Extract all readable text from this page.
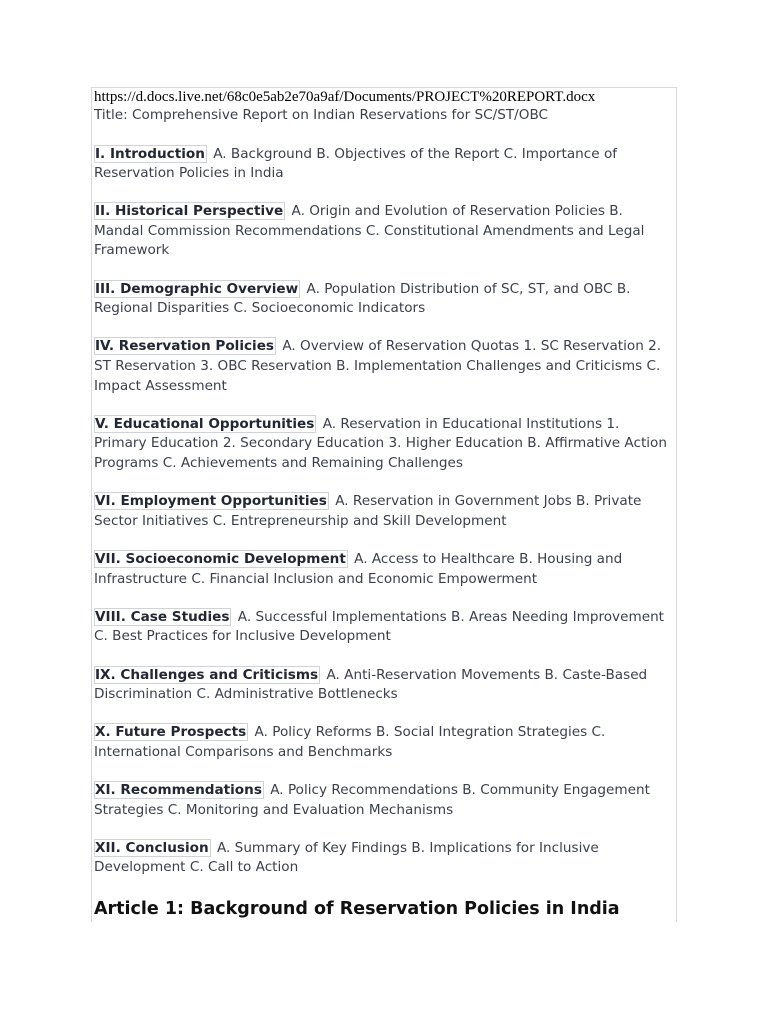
https://d.docs.live.net/68c0e5ab2e70a9af/Documents/PROJECT%20REPORT.docx
Title: Comprehensive Report on Indian Reservations for SC/ST/OBC
I. Introduction A. Background B. Objectives of the Report C. Importance of Reservation Policies in India
II. Historical Perspective A. Origin and Evolution of Reservation Policies B. Mandal Commission Recommendations C. Constitutional Amendments and Legal Framework
III. Demographic Overview A. Population Distribution of SC, ST, and OBC B. Regional Disparities C. Socioeconomic Indicators
IV. Reservation Policies A. Overview of Reservation Quotas 1. SC Reservation 2. ST Reservation 3. OBC Reservation B. Implementation Challenges and Criticisms C. Impact Assessment
V. Educational Opportunities A. Reservation in Educational Institutions 1. Primary Education 2. Secondary Education 3. Higher Education B. Affirmative Action Programs C. Achievements and Remaining Challenges
VI. Employment Opportunities A. Reservation in Government Jobs B. Private Sector Initiatives C. Entrepreneurship and Skill Development
VII. Socioeconomic Development A. Access to Healthcare B. Housing and Infrastructure C. Financial Inclusion and Economic Empowerment
VIII. Case Studies A. Successful Implementations B. Areas Needing Improvement C. Best Practices for Inclusive Development
IX. Challenges and Criticisms A. Anti-Reservation Movements B. Caste-Based Discrimination C. Administrative Bottlenecks
X. Future Prospects A. Policy Reforms B. Social Integration Strategies C. International Comparisons and Benchmarks
XI. Recommendations A. Policy Recommendations B. Community Engagement Strategies C. Monitoring and Evaluation Mechanisms
XII. Conclusion A. Summary of Key Findings B. Implications for Inclusive Development C. Call to Action
Article 1: Background of Reservation Policies in India
